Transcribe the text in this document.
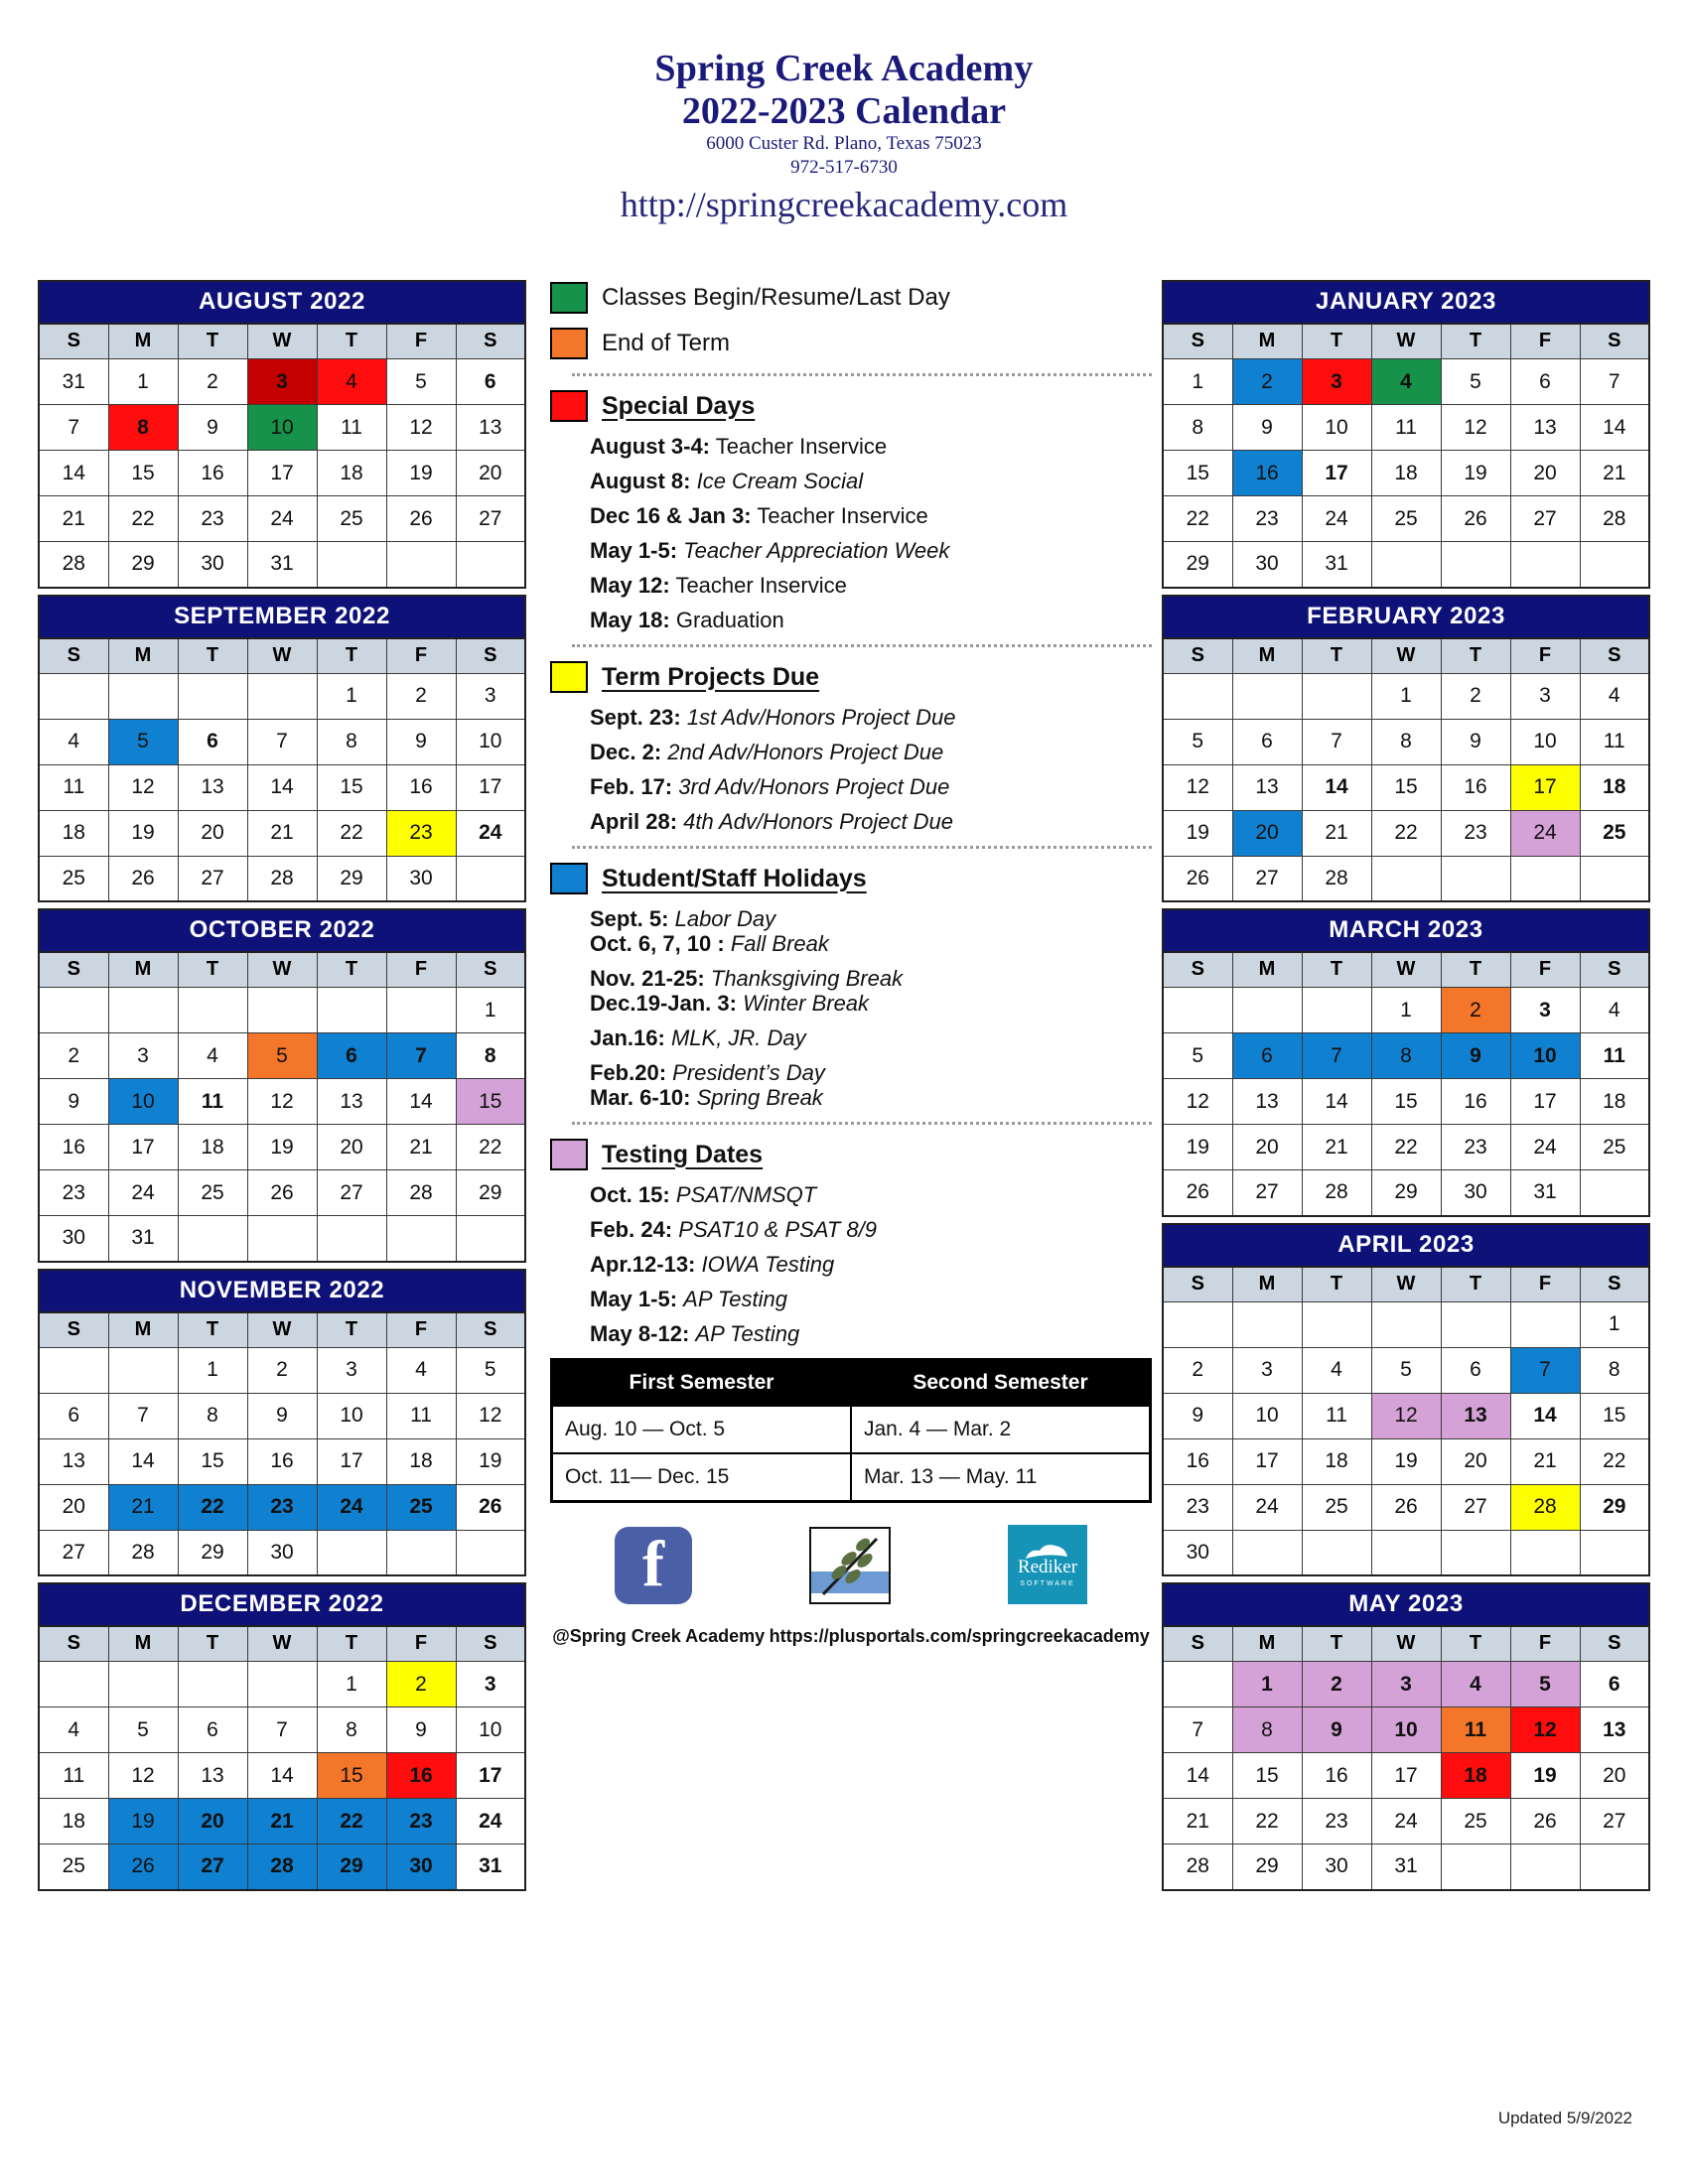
Spring Creek Academy
2022-2023 Calendar
6000 Custer Rd. Plano, Texas 75023
972-517-6730
http://springcreekacademy.com
AUGUST 2022						
S	M	T	W	T	F	S
31	1	2	3	4	5	6
7	8	9	10	11	12	13
14	15	16	17	18	19	20
21	22	23	24	25	26	27
28	29	30	31			
SEPTEMBER 2022						
S	M	T	W	T	F	S
				1	2	3
4	5	6	7	8	9	10
11	12	13	14	15	16	17
18	19	20	21	22	23	24
25	26	27	28	29	30	
OCTOBER 2022						
S	M	T	W	T	F	S
						1
2	3	4	5	6	7	8
9	10	11	12	13	14	15
16	17	18	19	20	21	22
23	24	25	26	27	28	29
30	31					
NOVEMBER 2022						
S	M	T	W	T	F	S
		1	2	3	4	5
6	7	8	9	10	11	12
13	14	15	16	17	18	19
20	21	22	23	24	25	26
27	28	29	30			
DECEMBER 2022						
S	M	T	W	T	F	S
				1	2	3
4	5	6	7	8	9	10
11	12	13	14	15	16	17
18	19	20	21	22	23	24
25	26	27	28	29	30	31
Classes Begin/Resume/Last Day
End of Term
Special Days
August 3-4: Teacher Inservice
August 8: Ice Cream Social
Dec 16 & Jan 3: Teacher Inservice
May 1-5: Teacher Appreciation Week
May 12: Teacher Inservice
May 18: Graduation
Term Projects Due
Sept. 23: 1st Adv/Honors Project Due
Dec. 2: 2nd Adv/Honors Project Due
Feb. 17: 3rd Adv/Honors Project Due
April 28: 4th Adv/Honors Project Due
Student/Staff Holidays
Sept. 5: Labor Day
Oct. 6, 7, 10 : Fall Break
Nov. 21-25: Thanksgiving Break
Dec.19-Jan. 3: Winter Break
Jan.16: MLK, JR. Day
Feb.20: President’s Day
Mar. 6-10: Spring Break
Testing Dates
Oct. 15: PSAT/NMSQT
Feb. 24: PSAT10 & PSAT 8/9
Apr.12-13: IOWA Testing
May 1-5: AP Testing
May 8-12: AP Testing
First Semester	Second Semester
Aug. 10 — Oct. 5	Jan. 4 — Mar. 2
Oct. 11— Dec. 15	Mar. 13 — May. 11
f
Rediker
SOFTWARE
@Spring Creek Academy https://plusportals.com/springcreekacademy
JANUARY 2023						
S	M	T	W	T	F	S
1	2	3	4	5	6	7
8	9	10	11	12	13	14
15	16	17	18	19	20	21
22	23	24	25	26	27	28
29	30	31				
FEBRUARY 2023						
S	M	T	W	T	F	S
			1	2	3	4
5	6	7	8	9	10	11
12	13	14	15	16	17	18
19	20	21	22	23	24	25
26	27	28				
MARCH 2023						
S	M	T	W	T	F	S
			1	2	3	4
5	6	7	8	9	10	11
12	13	14	15	16	17	18
19	20	21	22	23	24	25
26	27	28	29	30	31	
APRIL 2023						
S	M	T	W	T	F	S
						1
2	3	4	5	6	7	8
9	10	11	12	13	14	15
16	17	18	19	20	21	22
23	24	25	26	27	28	29
30						
MAY 2023						
S	M	T	W	T	F	S
	1	2	3	4	5	6
7	8	9	10	11	12	13
14	15	16	17	18	19	20
21	22	23	24	25	26	27
28	29	30	31			
Updated 5/9/2022
